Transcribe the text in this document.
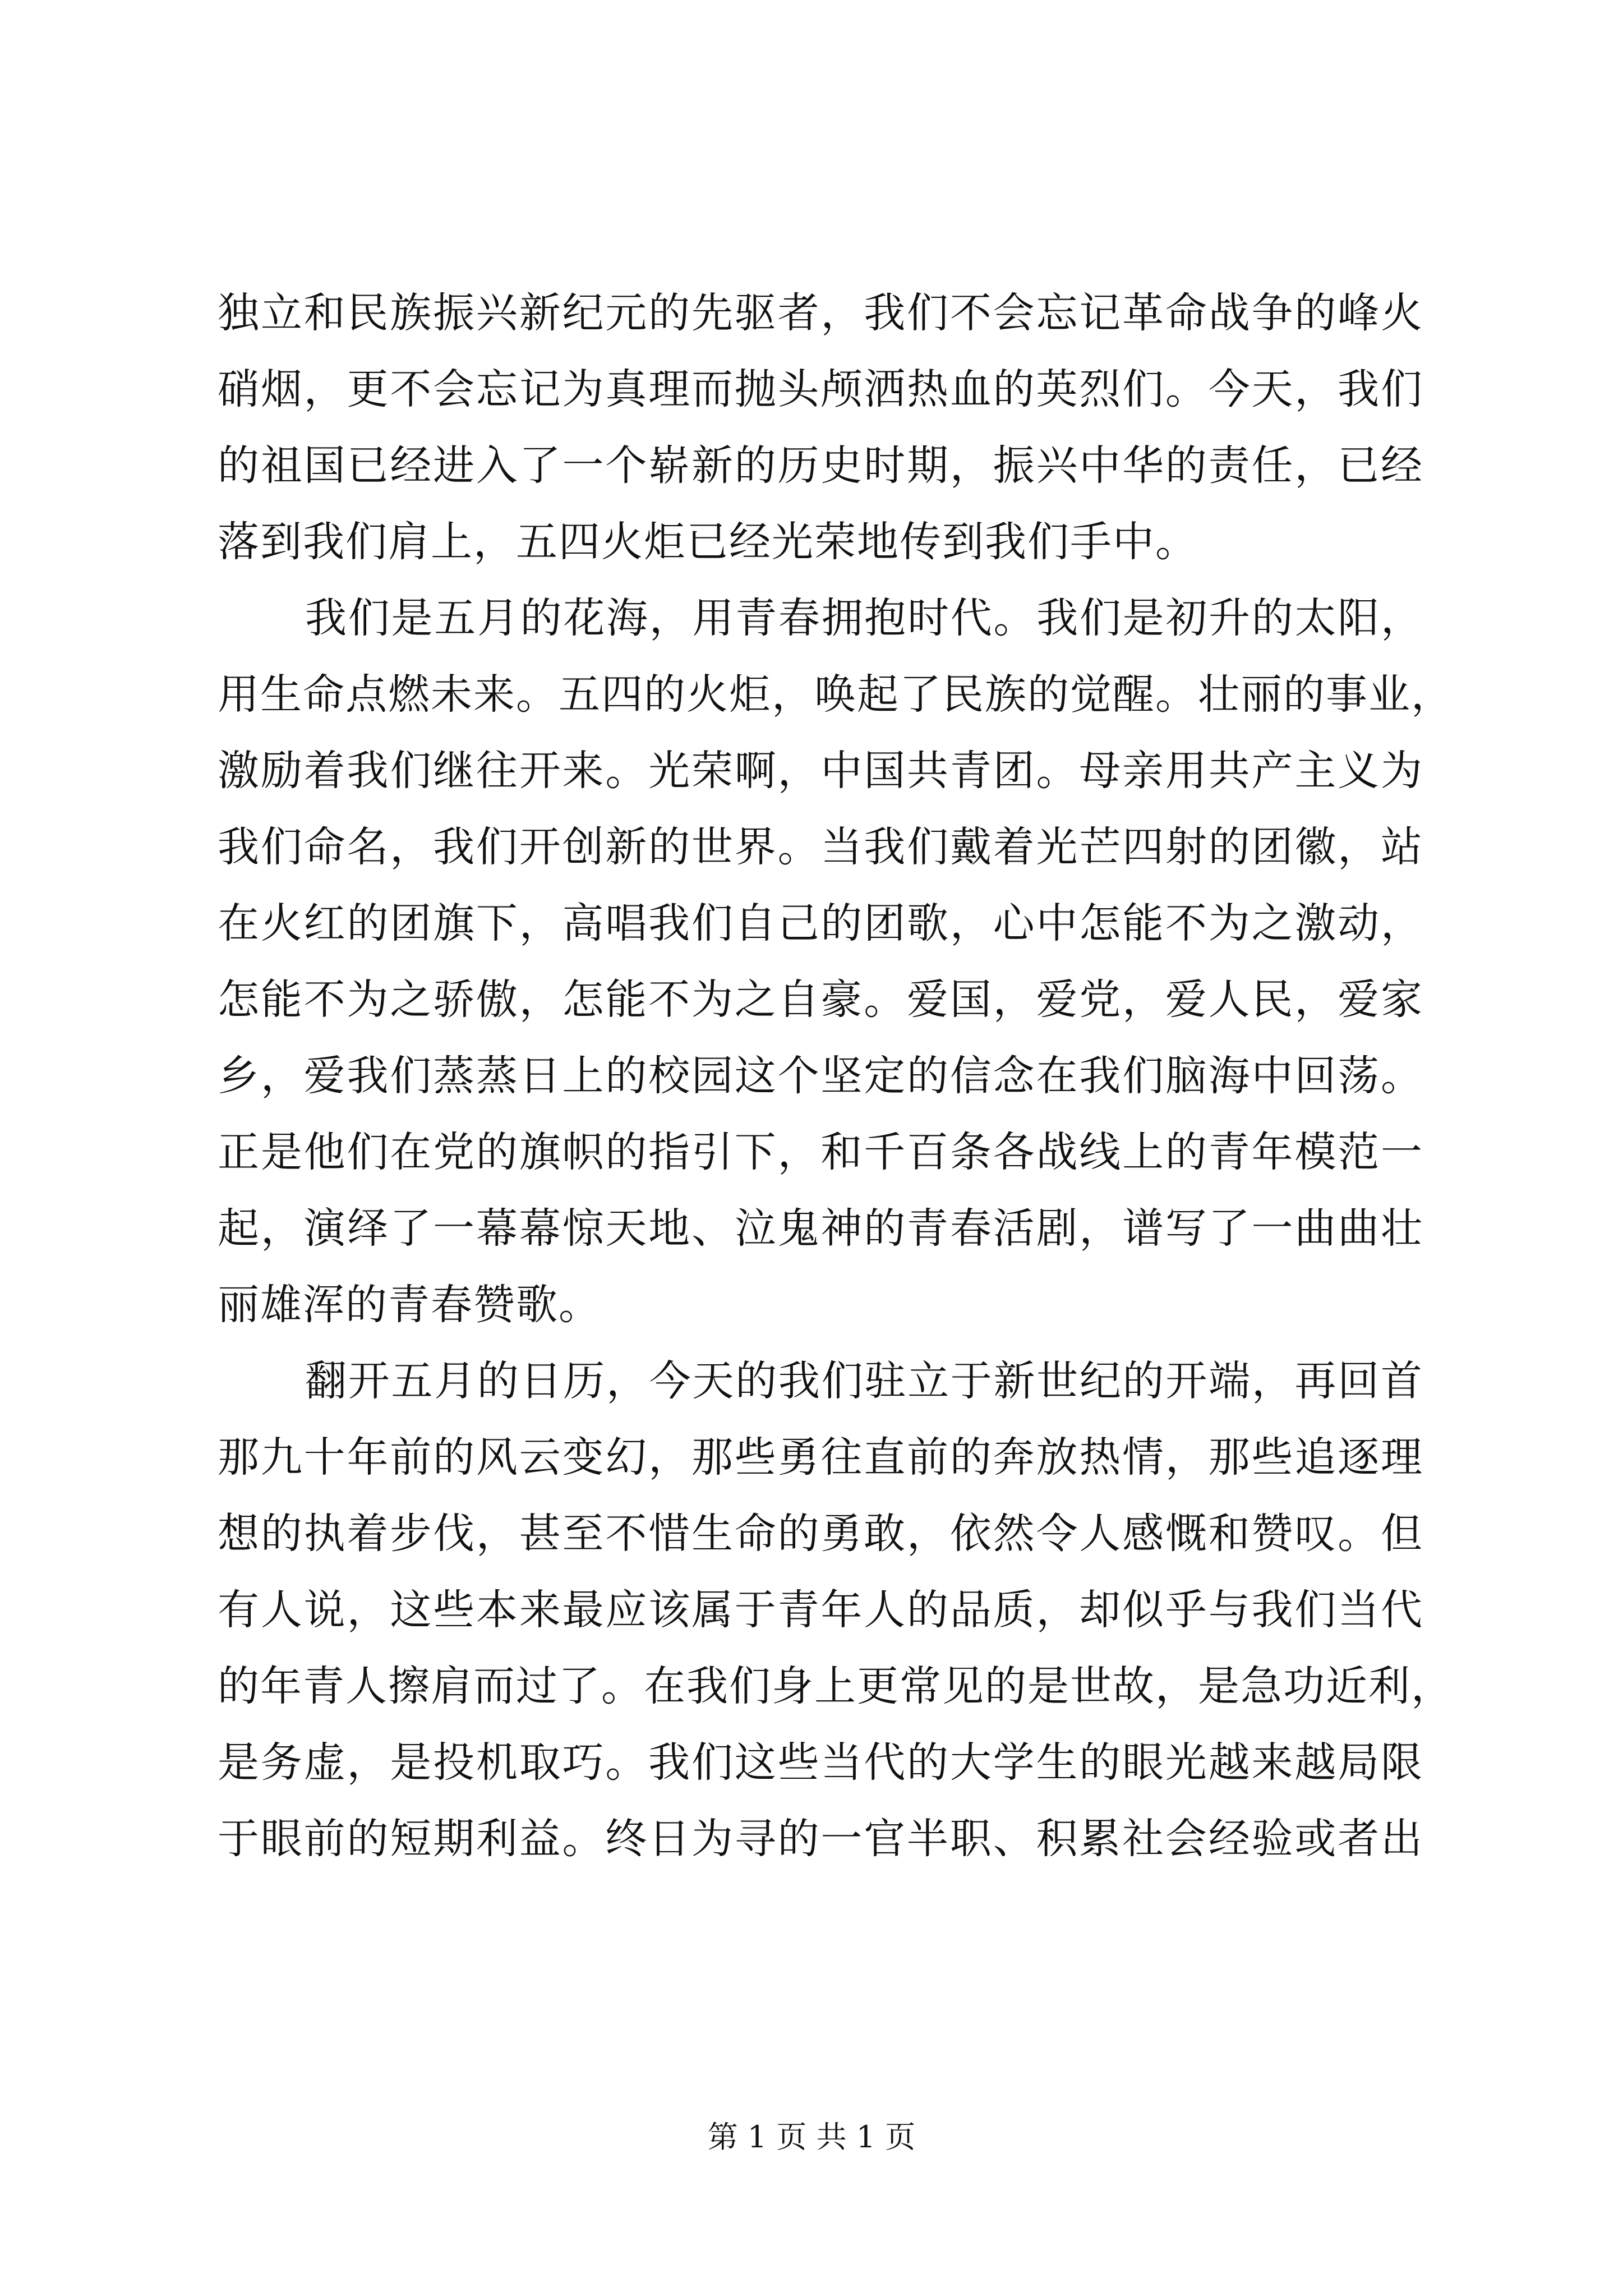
独立和民族振兴新纪元的先驱者，我们不会忘记革命战争的峰火
硝烟，更不会忘记为真理而抛头颅洒热血的英烈们。今天，我们
的祖国已经进入了一个崭新的历史时期，振兴中华的责任，已经
落到我们肩上，五四火炬已经光荣地传到我们手中。
我们是五月的花海，用青春拥抱时代。我们是初升的太阳，
用生命点燃未来。五四的火炬，唤起了民族的觉醒。壮丽的事业，
激励着我们继往开来。光荣啊，中国共青团。母亲用共产主义为
我们命名，我们开创新的世界。当我们戴着光芒四射的团徽，站
在火红的团旗下，高唱我们自己的团歌，心中怎能不为之激动，
怎能不为之骄傲，怎能不为之自豪。爱国，爱党，爱人民，爱家
乡，爱我们蒸蒸日上的校园这个坚定的信念在我们脑海中回荡。
正是他们在党的旗帜的指引下，和千百条各战线上的青年模范一
起，演绎了一幕幕惊天地、泣鬼神的青春活剧，谱写了一曲曲壮
丽雄浑的青春赞歌。
翻开五月的日历，今天的我们驻立于新世纪的开端，再回首
那九十年前的风云变幻，那些勇往直前的奔放热情，那些追逐理
想的执着步伐，甚至不惜生命的勇敢，依然令人感慨和赞叹。但
有人说，这些本来最应该属于青年人的品质，却似乎与我们当代
的年青人擦肩而过了。在我们身上更常见的是世故，是急功近利，
是务虚，是投机取巧。我们这些当代的大学生的眼光越来越局限
于眼前的短期利益。终日为寻的一官半职、积累社会经验或者出
第 1 页 共 1 页
